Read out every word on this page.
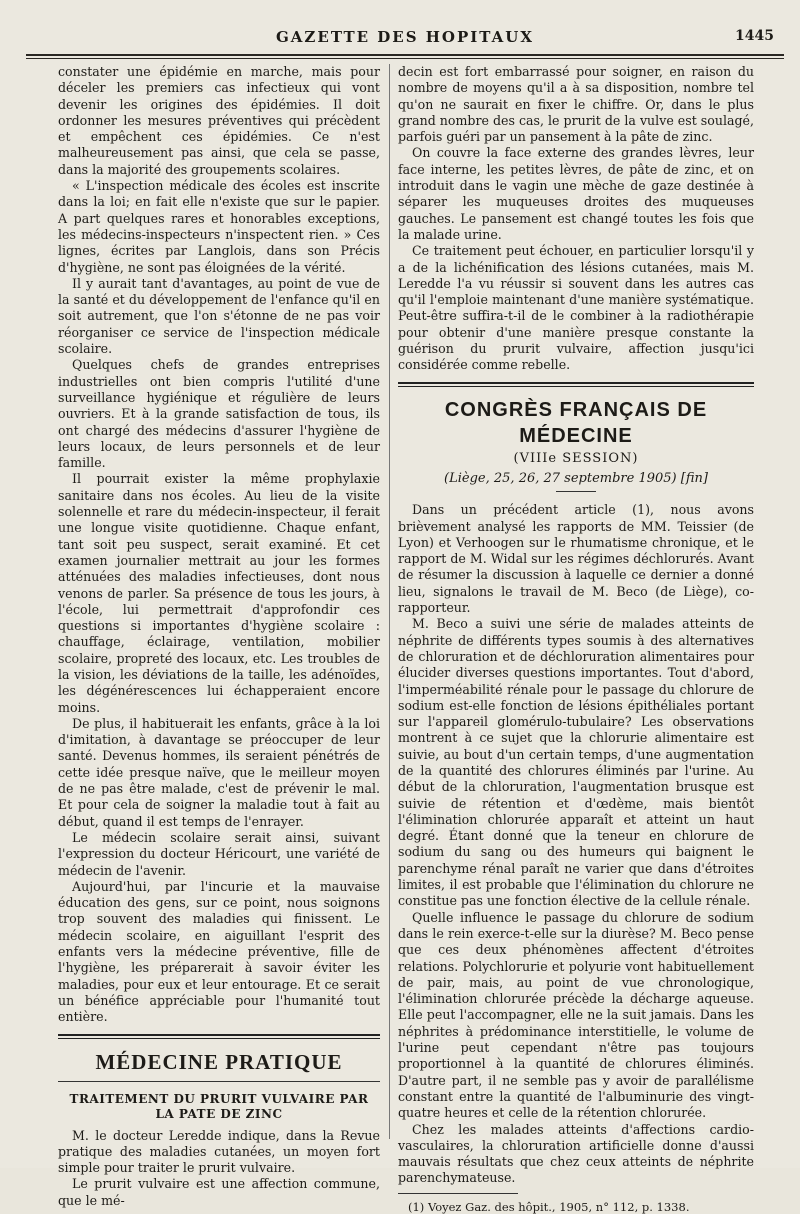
GAZETTE DES HOPITAUX	1445

constater une épidémie en marche, mais pour déceler les premiers cas infectieux qui vont devenir les origines des épidémies. Il doit ordonner les mesures préventives qui précèdent et empêchent ces épidémies. Ce n'est malheureusement pas ainsi, que cela se passe, dans la majorité des groupements scolaires.

« L'inspection médicale des écoles est inscrite dans la loi; en fait elle n'existe que sur le papier. A part quelques rares et honorables exceptions, les médecins-inspecteurs n'inspectent rien. » Ces lignes, écrites par Langlois, dans son Précis d'hygiène, ne sont pas éloignées de la vérité.

Il y aurait tant d'avantages, au point de vue de la santé et du développement de l'enfance qu'il en soit autrement, que l'on s'étonne de ne pas voir réorganiser ce service de l'inspection médicale scolaire.

Quelques chefs de grandes entreprises industrielles ont bien compris l'utilité d'une surveillance hygiénique et régulière de leurs ouvriers. Et à la grande satisfaction de tous, ils ont chargé des médecins d'assurer l'hygiène de leurs locaux, de leurs personnels et de leur famille.

Il pourrait exister la même prophylaxie sanitaire dans nos écoles. Au lieu de la visite solennelle et rare du médecin-inspecteur, il ferait une longue visite quotidienne. Chaque enfant, tant soit peu suspect, serait examiné. Et cet examen journalier mettrait au jour les formes atténuées des maladies infectieuses, dont nous venons de parler. Sa présence de tous les jours, à l'école, lui permettrait d'approfondir ces questions si importantes d'hygiène scolaire : chauffage, éclairage, ventilation, mobilier scolaire, propreté des locaux, etc. Les troubles de la vision, les déviations de la taille, les adénoïdes, les dégénérescences lui échapperaient encore moins.

De plus, il habituerait les enfants, grâce à la loi d'imitation, à davantage se préoccuper de leur santé. Devenus hommes, ils seraient pénétrés de cette idée presque naïve, que le meilleur moyen de ne pas être malade, c'est de prévenir le mal. Et pour cela de soigner la maladie tout à fait au début, quand il est temps de l'enrayer.

Le médecin scolaire serait ainsi, suivant l'expression du docteur Héricourt, une variété de médecin de l'avenir.

Aujourd'hui, par l'incurie et la mauvaise éducation des gens, sur ce point, nous soignons trop souvent des maladies qui finissent. Le médecin scolaire, en aiguillant l'esprit des enfants vers la médecine préventive, fille de l'hygiène, les préparerait à savoir éviter les maladies, pour eux et leur entourage. Et ce serait un bénéfice appréciable pour l'humanité tout entière.

MÉDECINE PRATIQUE
TRAITEMENT DU PRURIT VULVAIRE PAR LA PATE DE ZINC

M. le docteur Leredde indique, dans la Revue pratique des maladies cutanées, un moyen fort simple pour traiter le prurit vulvaire.

Le prurit vulvaire est une affection commune, que le mé-

decin est fort embarrassé pour soigner, en raison du nombre de moyens qu'il a à sa disposition, nombre tel qu'on ne saurait en fixer le chiffre. Or, dans le plus grand nombre des cas, le prurit de la vulve est soulagé, parfois guéri par un pansement à la pâte de zinc.

On couvre la face externe des grandes lèvres, leur face interne, les petites lèvres, de pâte de zinc, et on introduit dans le vagin une mèche de gaze destinée à séparer les muqueuses droites des muqueuses gauches. Le pansement est changé toutes les fois que la malade urine.

Ce traitement peut échouer, en particulier lorsqu'il y a de la lichénification des lésions cutanées, mais M. Leredde l'a vu réussir si souvent dans les autres cas qu'il l'emploie maintenant d'une manière systématique. Peut-être suffira-t-il de le combiner à la radiothérapie pour obtenir d'une manière presque constante la guérison du prurit vulvaire, affection jusqu'ici considérée comme rebelle.

CONGRÈS FRANÇAIS DE MÉDECINE
(VIIIe SESSION)
(Liège, 25, 26, 27 septembre 1905) [fin]

Dans un précédent article (1), nous avons brièvement analysé les rapports de MM. Teissier (de Lyon) et Verhoogen sur le rhumatisme chronique, et le rapport de M. Widal sur les régimes déchlorurés. Avant de résumer la discussion à laquelle ce dernier a donné lieu, signalons le travail de M. Beco (de Liège), co-rapporteur.

M. Beco a suivi une série de malades atteints de néphrite de différents types soumis à des alternatives de chloruration et de déchloruration alimentaires pour élucider diverses questions importantes. Tout d'abord, l'imperméabilité rénale pour le passage du chlorure de sodium est-elle fonction de lésions épithéliales portant sur l'appareil glomérulo-tubulaire? Les observations montrent à ce sujet que la chlorurie alimentaire est suivie, au bout d'un certain temps, d'une augmentation de la quantité des chlorures éliminés par l'urine. Au début de la chloruration, l'augmentation brusque est suivie de rétention et d'œdème, mais bientôt l'élimination chlorurée apparaît et atteint un haut degré. Étant donné que la teneur en chlorure de sodium du sang ou des humeurs qui baignent le parenchyme rénal paraît ne varier que dans d'étroites limites, il est probable que l'élimination du chlorure ne constitue pas une fonction élective de la cellule rénale.

Quelle influence le passage du chlorure de sodium dans le rein exerce-t-elle sur la diurèse? M. Beco pense que ces deux phénomènes affectent d'étroites relations. Polychlorurie et polyurie vont habituellement de pair, mais, au point de vue chronologique, l'élimination chlorurée précède la décharge aqueuse. Elle peut l'accompagner, elle ne la suit jamais. Dans les néphrites à prédominance interstitielle, le volume de l'urine peut cependant n'être pas toujours proportionnel à la quantité de chlorures éliminés. D'autre part, il ne semble pas y avoir de parallélisme constant entre la quantité de l'albuminurie des vingt-quatre heures et celle de la rétention chlorurée.

Chez les malades atteints d'affections cardio-vasculaires, la chloruration artificielle donne d'aussi mauvais résultats que chez ceux atteints de néphrite parenchymateuse.

(1) Voyez Gaz. des hôpit., 1905, n° 112, p. 1338.
